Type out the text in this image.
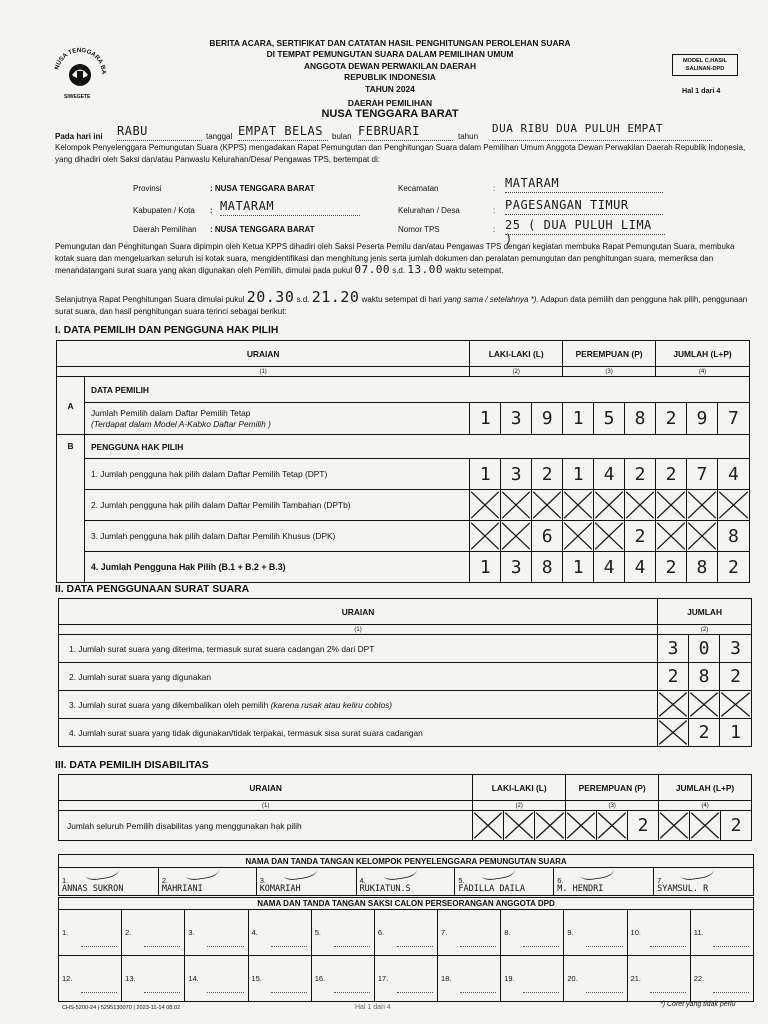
NUSA TENGGARA BA
SIWEGETE
BERITA ACARA, SERTIFIKAT DAN CATATAN HASIL PENGHITUNGAN PEROLEHAN SUARA
DI TEMPAT PEMUNGUTAN SUARA DALAM PEMILIHAN UMUM
ANGGOTA DEWAN PERWAKILAN DAERAH
REPUBLIK INDONESIA
TAHUN 2024
MODEL C.HASIL SALINAN-DPD
Hal 1 dari 4
DAERAH PEMILIHAN
NUSA TENGGARA BARAT
Pada hari ini RABU	tanggal EMPAT BELAS	bulan FEBRUARI	tahun
DUA RIBU DUA PULUH EMPAT
Kelompok Penyelenggara Pemungutan Suara (KPPS) mengadakan Rapat Pemungutan dan Penghitungan Suara dalam Pemilihan Umum Anggota Dewan Perwakilan Daerah Republik Indonesia, yang dihadiri oleh Saksi dan/atau Panwaslu Kelurahan/Desa/ Pengawas TPS, bertempat di:
Provinsi	: NUSA TENGGARA BARAT
Kabupaten / Kota : MATARAM
Daerah Pemilihan : NUSA TENGGARA BARAT
Kecamatan	: MATARAM
Kelurahan / Desa	: PAGESANGAN TIMUR
Nomor TPS	: 25 ( DUA PULUH LIMA )
Pemungutan dan Penghitungan Suara dipimpin oleh Ketua KPPS dihadiri oleh Saksi Peserta Pemilu dan/atau Pengawas TPS dengan kegiatan membuka Rapat Pemungutan Suara, membuka kotak suara dan mengeluarkan seluruh isi kotak suara, mengidentifikasi dan menghitung jenis serta jumlah dokumen dan peralatan pemungutan dan penghitungan suara, memeriksa dan menandatangani surat suara yang akan digunakan oleh Pemilih, dimulai pada pukul 07.00 s.d. 13.00 waktu setempat.
Selanjutnya Rapat Penghitungan Suara dimulai pukul 20.30 s.d. 21.20 waktu setempat di hari yang sama / setelahnya *). Adapun data pemilih dan pengguna hak pilih, penggunaan surat suara, dan hasil penghitungan suara terinci sebagai berikut:
I. DATA PEMILIH DAN PENGGUNA HAK PILIH
URAIAN		LAKI-LAKI (L)			PEREMPUAN (P)			JUMLAH (L+P)		
(1)		(2)			(3)			(4)		
A	DATA PEMILIH									

	Jumlah Pemilih dalam Daftar Pemilih Tetap
(Terdapat dalam Model A-Kabko Daftar Pemilih )	1	3	9	1	5	8	2	9	7
B	PENGGUNA HAK PILIH									
	1. Jumlah pengguna hak pilih dalam Daftar Pemilih Tetap (DPT)	1	3	2	1	4	2	2	7	4
	2. Jumlah pengguna hak pilih dalam Daftar Pemilih Tambahan (DPTb)	

	3. Jumlah pengguna hak pilih dalam Daftar Pemilih Khusus (DPK)			6			2			8
	4. Jumlah Pengguna Hak Pilih (B.1 + B.2 + B.3)	1	3	8	1	4	4	2	8	2
II. DATA PENGGUNAAN SURAT SUARA
URAIAN	JUMLAH		
(1)	(2)		
1. Jumlah surat suara yang diterima, termasuk surat suara cadangan 2% dari DPT	3	0	3
2. Jumlah surat suara yang digunakan	2	8	2
3. Jumlah surat suara yang dikembalikan oleh pemilih (karena rusak atau keliru coblos)	

4. Jumlah surat suara yang tidak digunakan/tidak terpakai, termasuk sisa surat suara cadangan		2	1
III. DATA PEMILIH DISABILITAS
URAIAN	LAKI-LAKI (L)			PEREMPUAN (P)			JUMLAH (L+P)		
(1)	(2)			(3)			(4)		
Jumlah seluruh Pemilih disabilitas yang menggunakan hak pilih						2			2
NAMA DAN TANDA TANGAN KELOMPOK PENYELENGGARA PEMUNGUTAN SUARA

1.
ANNAS SUKRON

2.
MAHRIANI

3.
KOMARIAH

4.
RUKIATUN.S

5.
FADILLA DAILA

6.
M. HENDRI

7.
SYAMSUL. R
NAMA DAN TANDA TANGAN SAKSI CALON PERSEORANGAN ANGGOTA DPD										
1.	2.	3.	4.	5.	6.	7.	8.	9.	10.	11.

12.	13.	14.	15.	16.	17.	18.	19.	20.	21.	22.
CHS-5200-24 | 5295130070 | 2023-11-14 08:02	Hal 1 dari 4	*) Coret yang tidak perlu
